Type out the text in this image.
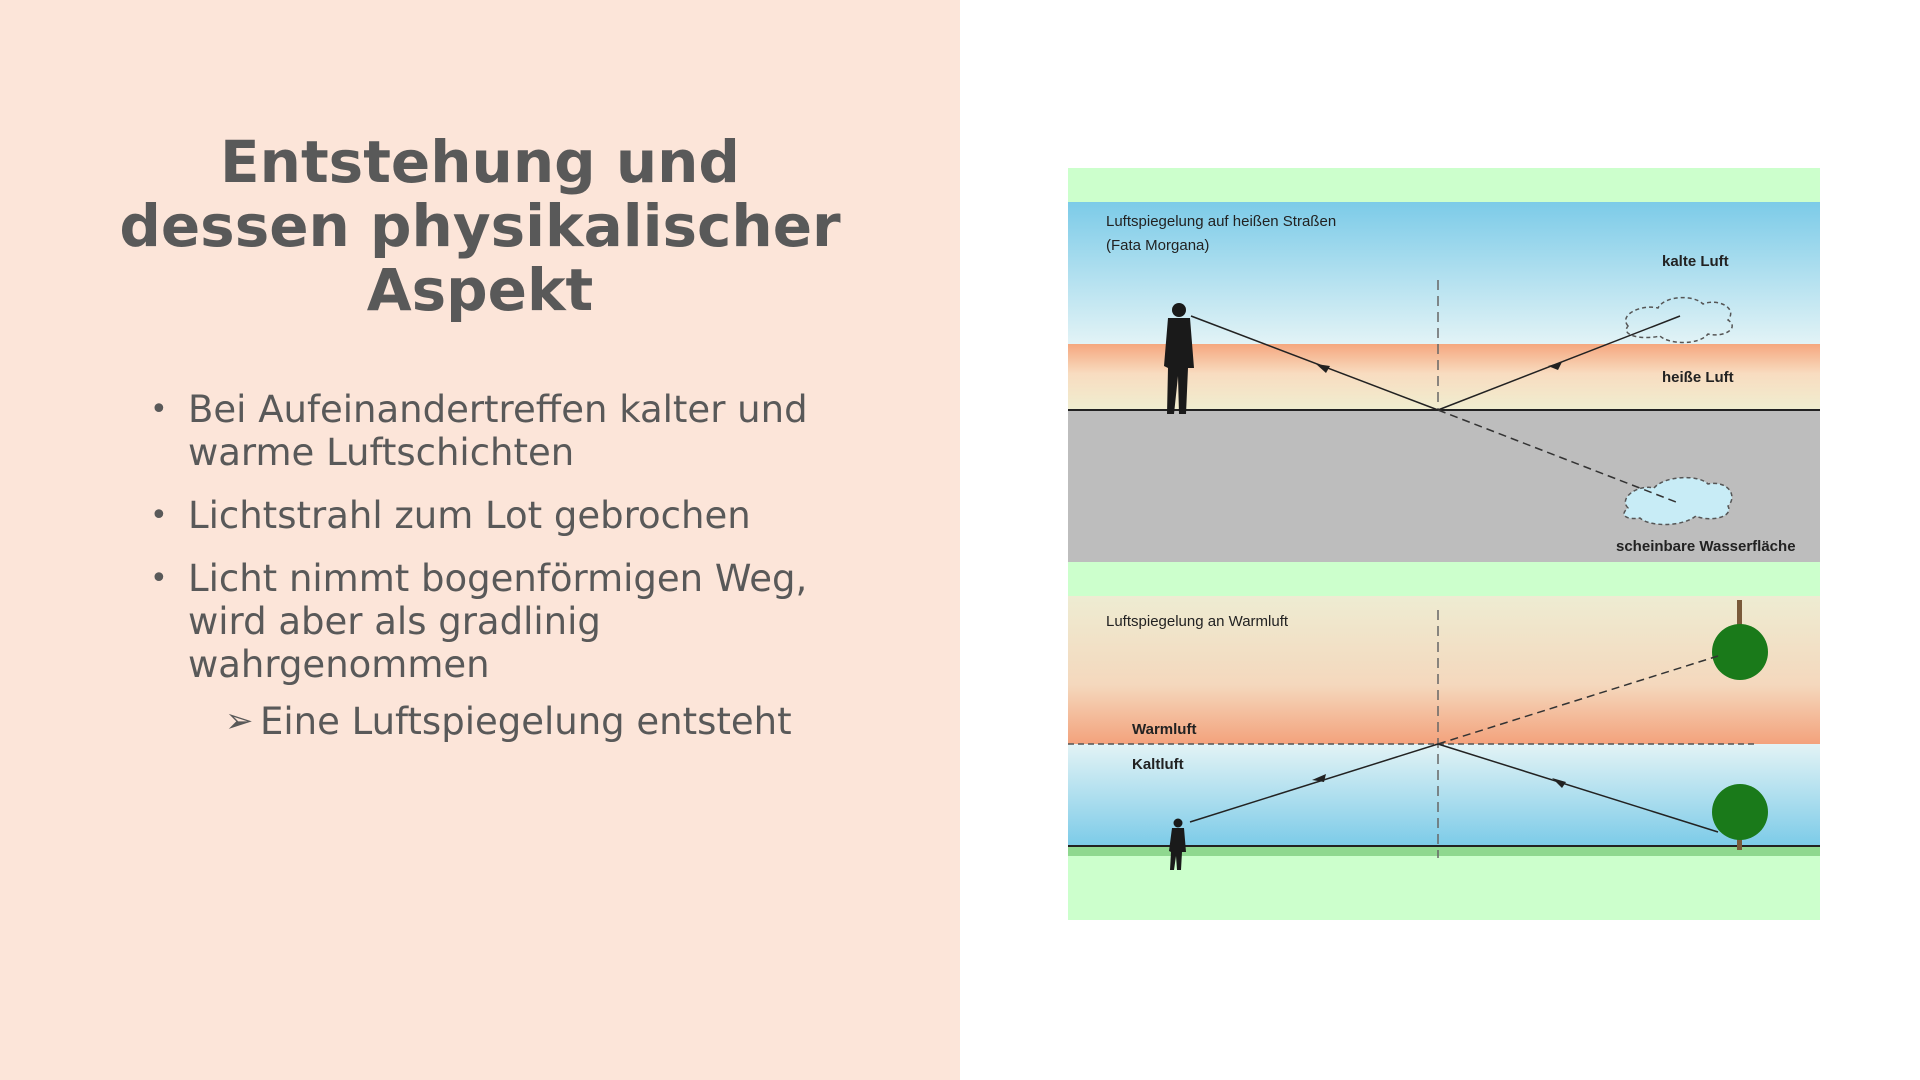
Entstehung und
dessen physikalischer
Aspekt
• Bei Aufeinandertreffen kalter und warme Luftschichten
• Lichtstrahl zum Lot gebrochen
• Licht nimmt bogenförmigen Weg, wird aber als gradlinig wahrgenommen
➢ Eine Luftspiegelung entsteht
Luftspiegelung auf heißen Straßen
(Fata Morgana)
kalte Luft
heiße Luft
scheinbare Wasserfläche
Luftspiegelung an Warmluft
Warmluft
Kaltluft
